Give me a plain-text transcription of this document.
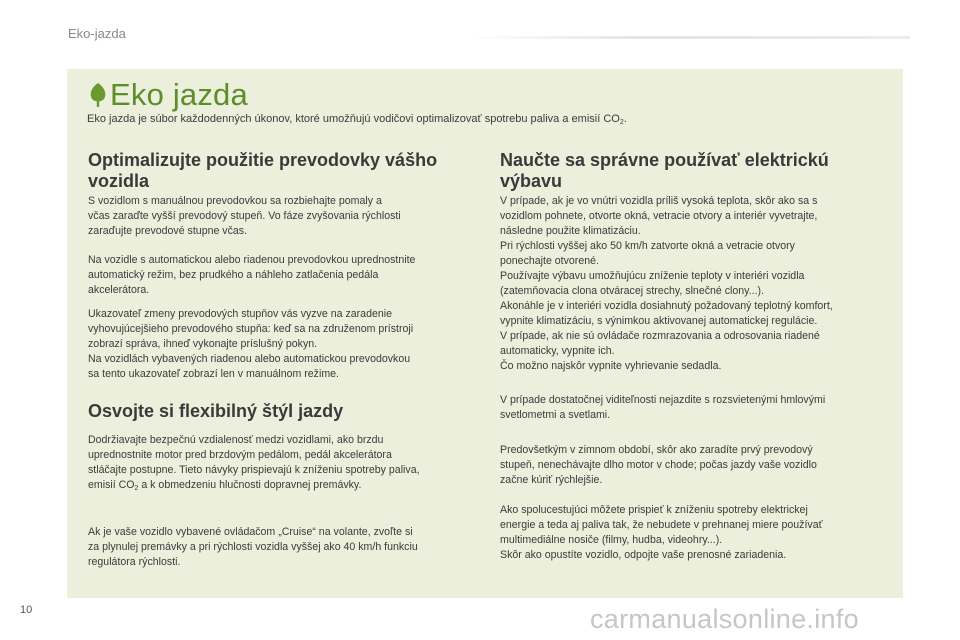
Eko-jazda
Eko jazda
Eko jazda je súbor každodenných úkonov, ktoré umožňujú vodičovi optimalizovať spotrebu paliva a emisií $CO_2$.
Optimalizujte použitie prevodovky vášho
vozidla

S vozidlom s manuálnou prevodovkou sa rozbiehajte pomaly a
včas zaraďte vyšší prevodový stupeň. Vo fáze zvyšovania rýchlosti
zaraďujte prevodové stupne včas.

Na vozidle s automatickou alebo riadenou prevodovkou uprednostnite
automatický režim, bez prudkého a náhleho zatlačenia pedála
akcelerátora.

Ukazovateľ zmeny prevodových stupňov vás vyzve na zaradenie
vyhovujúcejšieho prevodového stupňa: keď sa na združenom prístroji
zobrazí správa, ihneď vykonajte príslušný pokyn.
Na vozidlách vybavených riadenou alebo automatickou prevodovkou
sa tento ukazovateľ zobrazí len v manuálnom režime.

Osvojte si flexibilný štýl jazdy

Dodržiavajte bezpečnú vzdialenosť medzi vozidlami, ako brzdu
uprednostnite motor pred brzdovým pedálom, pedál akcelerátora
stláčajte postupne. Tieto návyky prispievajú k zníženiu spotreby paliva,
emisií $CO_2$ a k obmedzeniu hlučnosti dopravnej premávky.

Ak je vaše vozidlo vybavené ovládačom „Cruise“ na volante, zvoľte si
za plynulej premávky a pri rýchlosti vozidla vyššej ako 40 km/h funkciu
regulátora rýchlosti.

Naučte sa správne používať elektrickú
výbavu

V prípade, ak je vo vnútri vozidla príliš vysoká teplota, skôr ako sa s
vozidlom pohnete, otvorte okná, vetracie otvory a interiér vyvetrajte,
následne použite klimatizáciu.
Pri rýchlosti vyššej ako 50 km/h zatvorte okná a vetracie otvory
ponechajte otvorené.
Používajte výbavu umožňujúcu zníženie teploty v interiéri vozidla
(zatemňovacia clona otváracej strechy, slnečné clony...).
Akonáhle je v interiéri vozidla dosiahnutý požadovaný teplotný komfort,
vypnite klimatizáciu, s výnimkou aktivovanej automatickej regulácie.
V prípade, ak nie sú ovládače rozmrazovania a odrosovania riadené
automaticky, vypnite ich.
Čo možno najskôr vypnite vyhrievanie sedadla.

V prípade dostatočnej viditeľnosti nejazdite s rozsvietenými hmlovými
svetlometmi a svetlami.

Predovšetkým v zimnom období, skôr ako zaradíte prvý prevodový
stupeň, nenechávajte dlho motor v chode; počas jazdy vaše vozidlo
začne kúriť rýchlejšie.

Ako spolucestujúci môžete prispieť k zníženiu spotreby elektrickej
energie a teda aj paliva tak, že nebudete v prehnanej miere používať
multimediálne nosiče (filmy, hudba, videohry...).
Skôr ako opustíte vozidlo, odpojte vaše prenosné zariadenia.

10	carmanualsonline.info
